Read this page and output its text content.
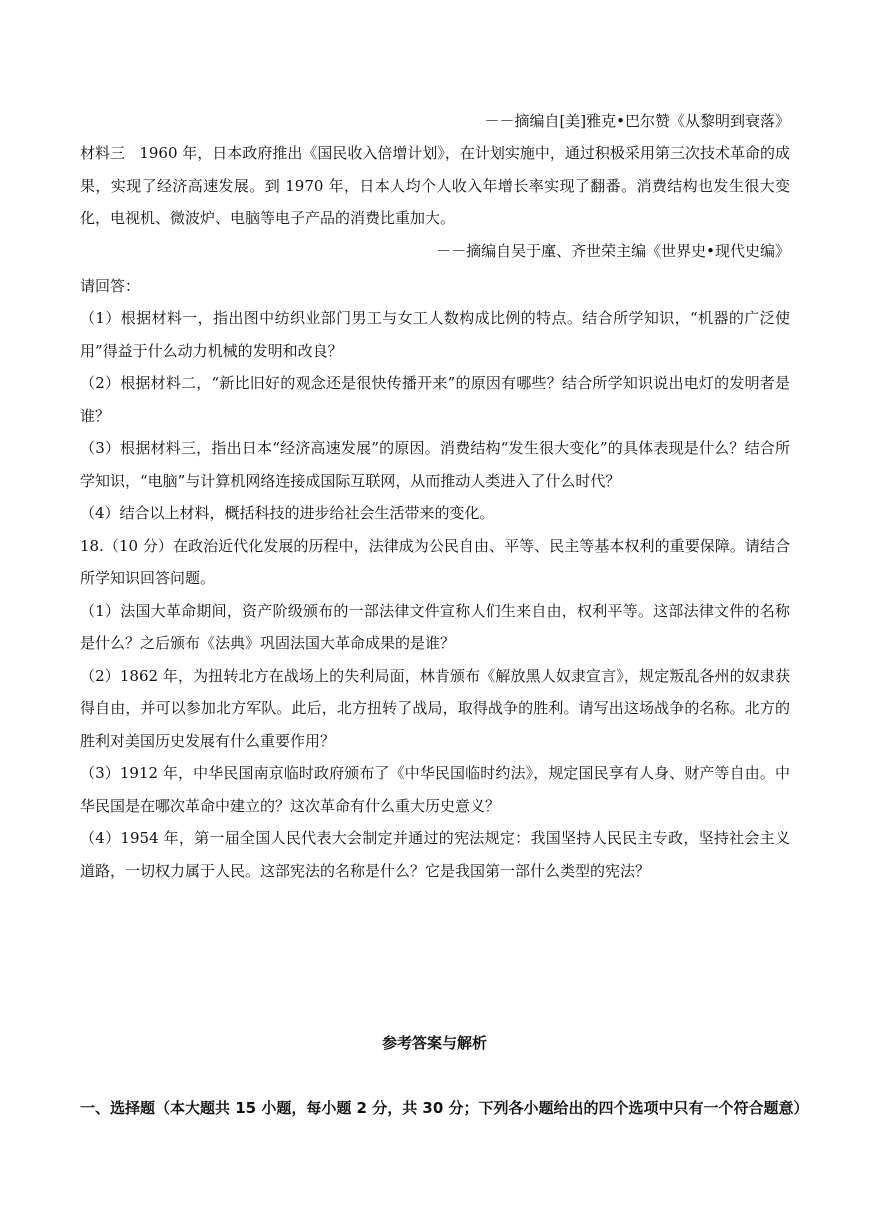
－－摘编自[美]雅克•巴尔赞《从黎明到衰落》

材料三 1960 年，日本政府推出《国民收入倍增计划》，在计划实施中，通过积极采用第三次技术革命的成果，实现了经济高速发展。到 1970 年，日本人均个人收入年增长率实现了翻番。消费结构也发生很大变化，电视机、微波炉、电脑等电子产品的消费比重加大。

－－摘编自吴于廑、齐世荣主编《世界史•现代史编》

请回答：

（1）根据材料一，指出图中纺织业部门男工与女工人数构成比例的特点。结合所学知识，“机器的广泛使用”得益于什么动力机械的发明和改良？

（2）根据材料二，“新比旧好的观念还是很快传播开来”的原因有哪些？结合所学知识说出电灯的发明者是谁？

（3）根据材料三，指出日本“经济高速发展”的原因。消费结构“发生很大变化”的具体表现是什么？结合所学知识，“电脑”与计算机网络连接成国际互联网，从而推动人类进入了什么时代？

（4）结合以上材料，概括科技的进步给社会生活带来的变化。

18.（10 分）在政治近代化发展的历程中，法律成为公民自由、平等、民主等基本权利的重要保障。请结合所学知识回答问题。

（1）法国大革命期间，资产阶级颁布的一部法律文件宣称人们生来自由，权利平等。这部法律文件的名称是什么？之后颁布《法典》巩固法国大革命成果的是谁？

（2）1862 年，为扭转北方在战场上的失利局面，林肯颁布《解放黑人奴隶宣言》，规定叛乱各州的奴隶获得自由，并可以参加北方军队。此后，北方扭转了战局，取得战争的胜利。请写出这场战争的名称。北方的胜利对美国历史发展有什么重要作用？

（3）1912 年，中华民国南京临时政府颁布了《中华民国临时约法》，规定国民享有人身、财产等自由。中华民国是在哪次革命中建立的？这次革命有什么重大历史意义？

（4）1954 年，第一届全国人民代表大会制定并通过的宪法规定：我国坚持人民民主专政，坚持社会主义道路，一切权力属于人民。这部宪法的名称是什么？它是我国第一部什么类型的宪法？

参考答案与解析
一、选择题（本大题共 15 小题，每小题 2 分，共 30 分；下列各小题给出的四个选项中只有一个符合题意）
